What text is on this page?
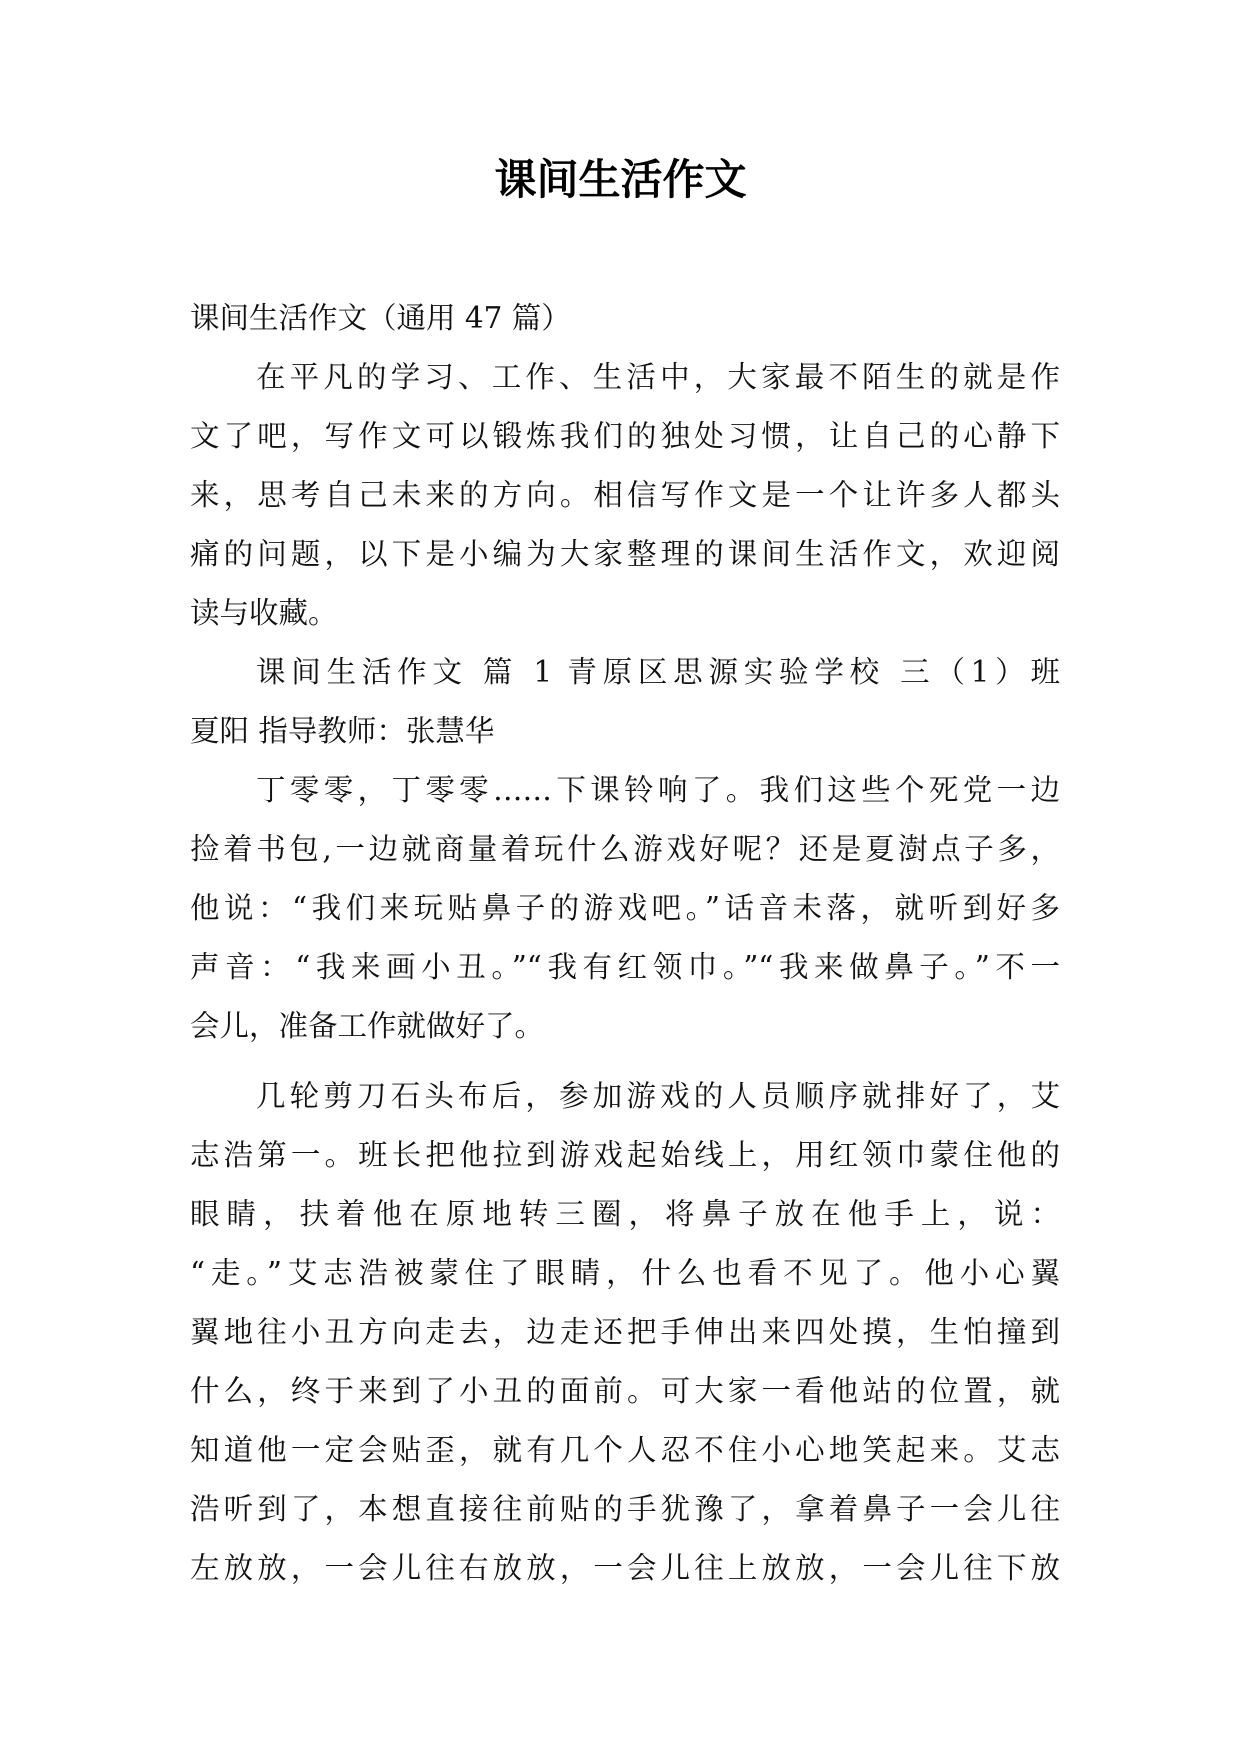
课间生活作文
课间生活作文（通用 47 篇）
在平凡的学习、工作、生活中，大家最不陌生的就是作
文了吧，写作文可以锻炼我们的独处习惯，让自己的心静下
来，思考自己未来的方向。相信写作文是一个让许多人都头
痛的问题，以下是小编为大家整理的课间生活作文，欢迎阅
读与收藏。
课间生活作文 篇 1 青原区思源实验学校 三（1）班
夏阳 指导教师：张慧华
丁零零，丁零零……下课铃响了。我们这些个死党一边
捡着书包,一边就商量着玩什么游戏好呢？还是夏澍点子多，
他说：“我们来玩贴鼻子的游戏吧。”话音未落，就听到好多
声音：“我来画小丑。”“我有红领巾。”“我来做鼻子。”不一
会儿，准备工作就做好了。
几轮剪刀石头布后，参加游戏的人员顺序就排好了，艾
志浩第一。班长把他拉到游戏起始线上，用红领巾蒙住他的
眼睛，扶着他在原地转三圈，将鼻子放在他手上，说：
“走。”艾志浩被蒙住了眼睛，什么也看不见了。他小心翼
翼地往小丑方向走去，边走还把手伸出来四处摸，生怕撞到
什么，终于来到了小丑的面前。可大家一看他站的位置，就
知道他一定会贴歪，就有几个人忍不住小心地笑起来。艾志
浩听到了，本想直接往前贴的手犹豫了，拿着鼻子一会儿往
左放放，一会儿往右放放，一会儿往上放放，一会儿往下放
